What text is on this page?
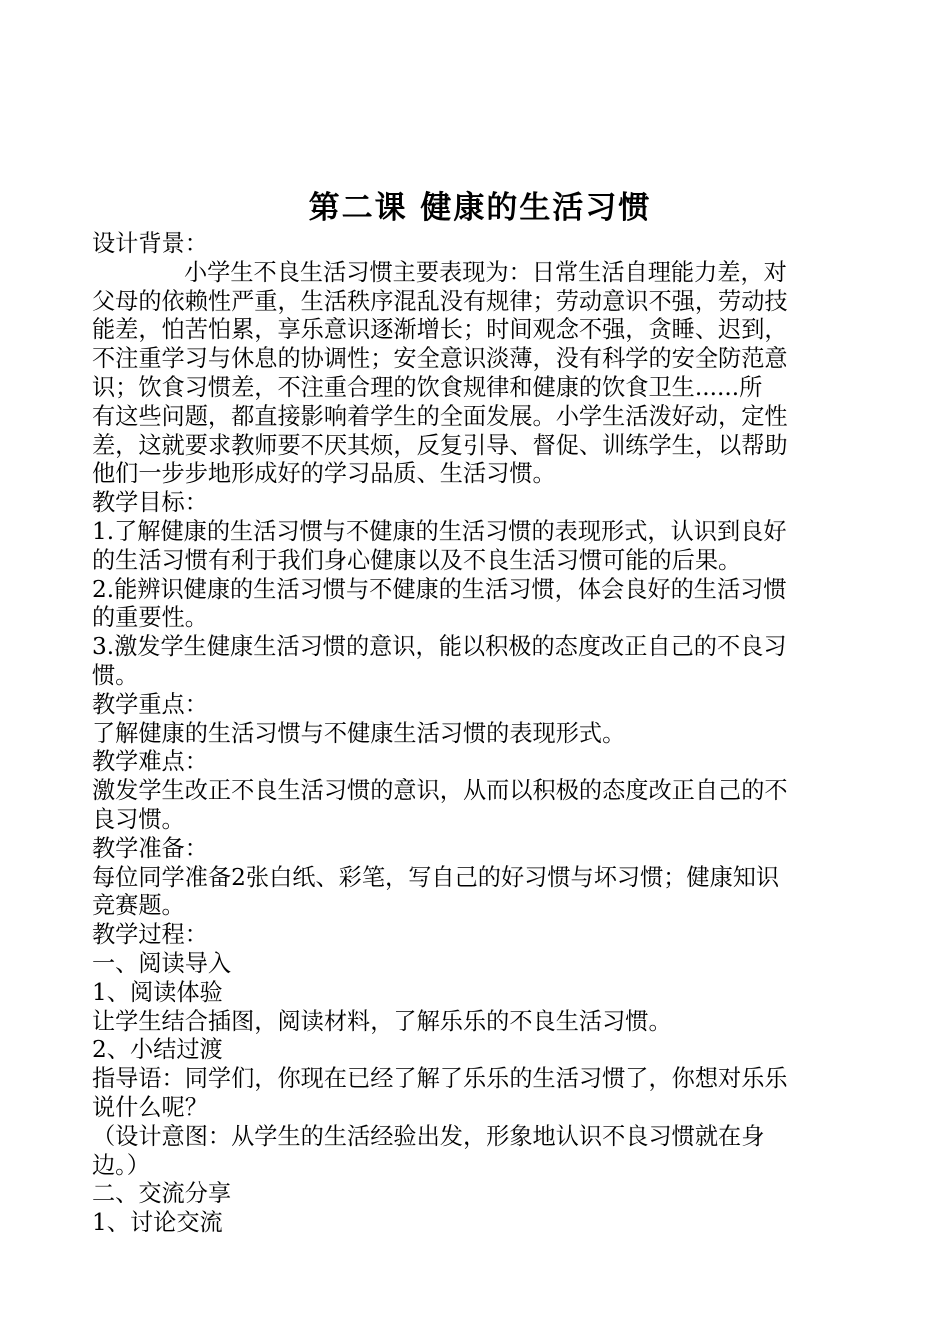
第二课 健康的生活习惯

设计背景：

小学生不良生活习惯主要表现为：日常生活自理能力差，对

父母的依赖性严重，生活秩序混乱没有规律；劳动意识不强，劳动技

能差，怕苦怕累，享乐意识逐渐增长；时间观念不强，贪睡、迟到，

不注重学习与休息的协调性；安全意识淡薄，没有科学的安全防范意

识；饮食习惯差，不注重合理的饮食规律和健康的饮食卫生......所

有这些问题，都直接影响着学生的全面发展。小学生活泼好动，定性

差，这就要求教师要不厌其烦，反复引导、督促、训练学生，以帮助

他们一步步地形成好的学习品质、生活习惯。

教学目标：

1.了解健康的生活习惯与不健康的生活习惯的表现形式，认识到良好

的生活习惯有利于我们身心健康以及不良生活习惯可能的后果。

2.能辨识健康的生活习惯与不健康的生活习惯，体会良好的生活习惯

的重要性。

3.激发学生健康生活习惯的意识，能以积极的态度改正自己的不良习

惯。

教学重点：

了解健康的生活习惯与不健康生活习惯的表现形式。

教学难点：

激发学生改正不良生活习惯的意识，从而以积极的态度改正自己的不

良习惯。

教学准备：

每位同学准备2张白纸、彩笔，写自己的好习惯与坏习惯；健康知识

竞赛题。

教学过程：

一、阅读导入

1、阅读体验

让学生结合插图，阅读材料，了解乐乐的不良生活习惯。

2、小结过渡

指导语：同学们，你现在已经了解了乐乐的生活习惯了，你想对乐乐

说什么呢？

（设计意图：从学生的生活经验出发，形象地认识不良习惯就在身

边。）

二、交流分享

1、讨论交流
